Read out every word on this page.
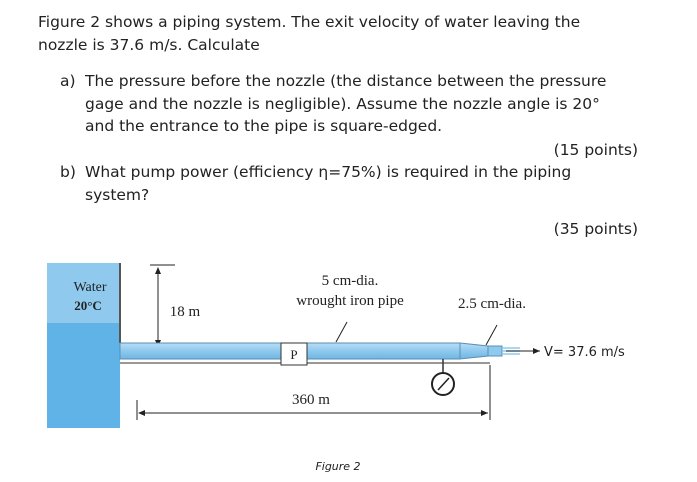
Figure 2 shows a piping system. The exit velocity of water leaving the

nozzle is 37.6 m/s. Calculate

a) The pressure before the nozzle (the distance between the pressure

gage and the nozzle is negligible). Assume the nozzle angle is 20°

and the entrance to the pipe is square-edged.

(15 points)

b) What pump power (efficiency η=75%) is required in the piping

system?

(35 points)

Water
20°C	18 m
5 cm-dia.
wrought iron pipe	2.5 cm-dia.
P
360 m
V= 37.6 m/s
Figure 2
